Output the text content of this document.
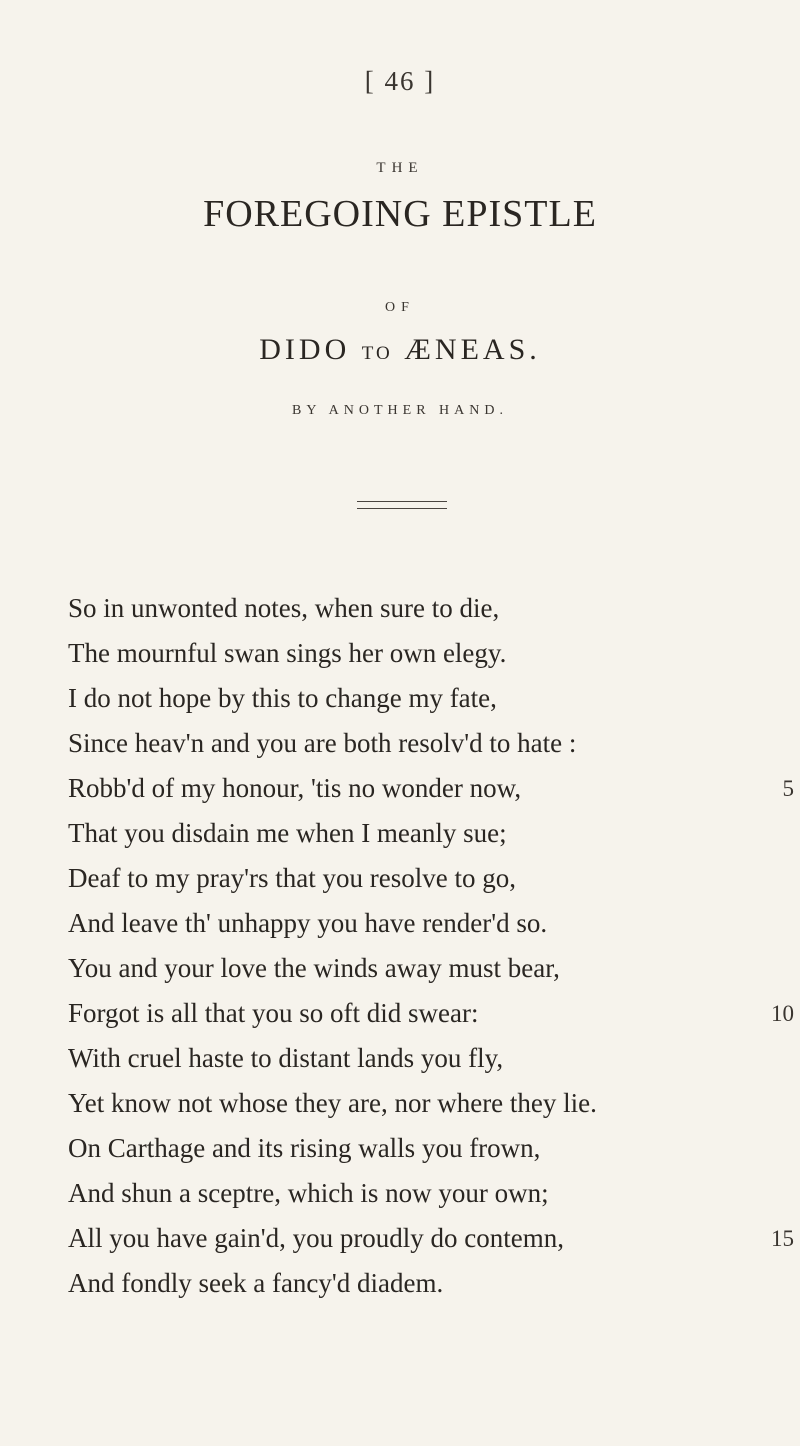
[ 46 ]
THE
FOREGOING EPISTLE
OF
DIDO TO ÆNEAS.
BY ANOTHER HAND.
So in unwonted notes, when sure to die,
The mournful swan sings her own elegy.
I do not hope by this to change my fate,
Since heav'n and you are both resolv'd to hate :
Robb'd of my honour, 'tis no wonder now,	5
That you disdain me when I meanly sue;
Deaf to my pray'rs that you resolve to go,
And leave th' unhappy you have render'd so.
You and your love the winds away must bear,
Forgot is all that you so oft did swear:	10
With cruel haste to distant lands you fly,
Yet know not whose they are, nor where they lie.
On Carthage and its rising walls you frown,
And shun a sceptre, which is now your own;
All you have gain'd, you proudly do contemn,	15
And fondly seek a fancy'd diadem.
